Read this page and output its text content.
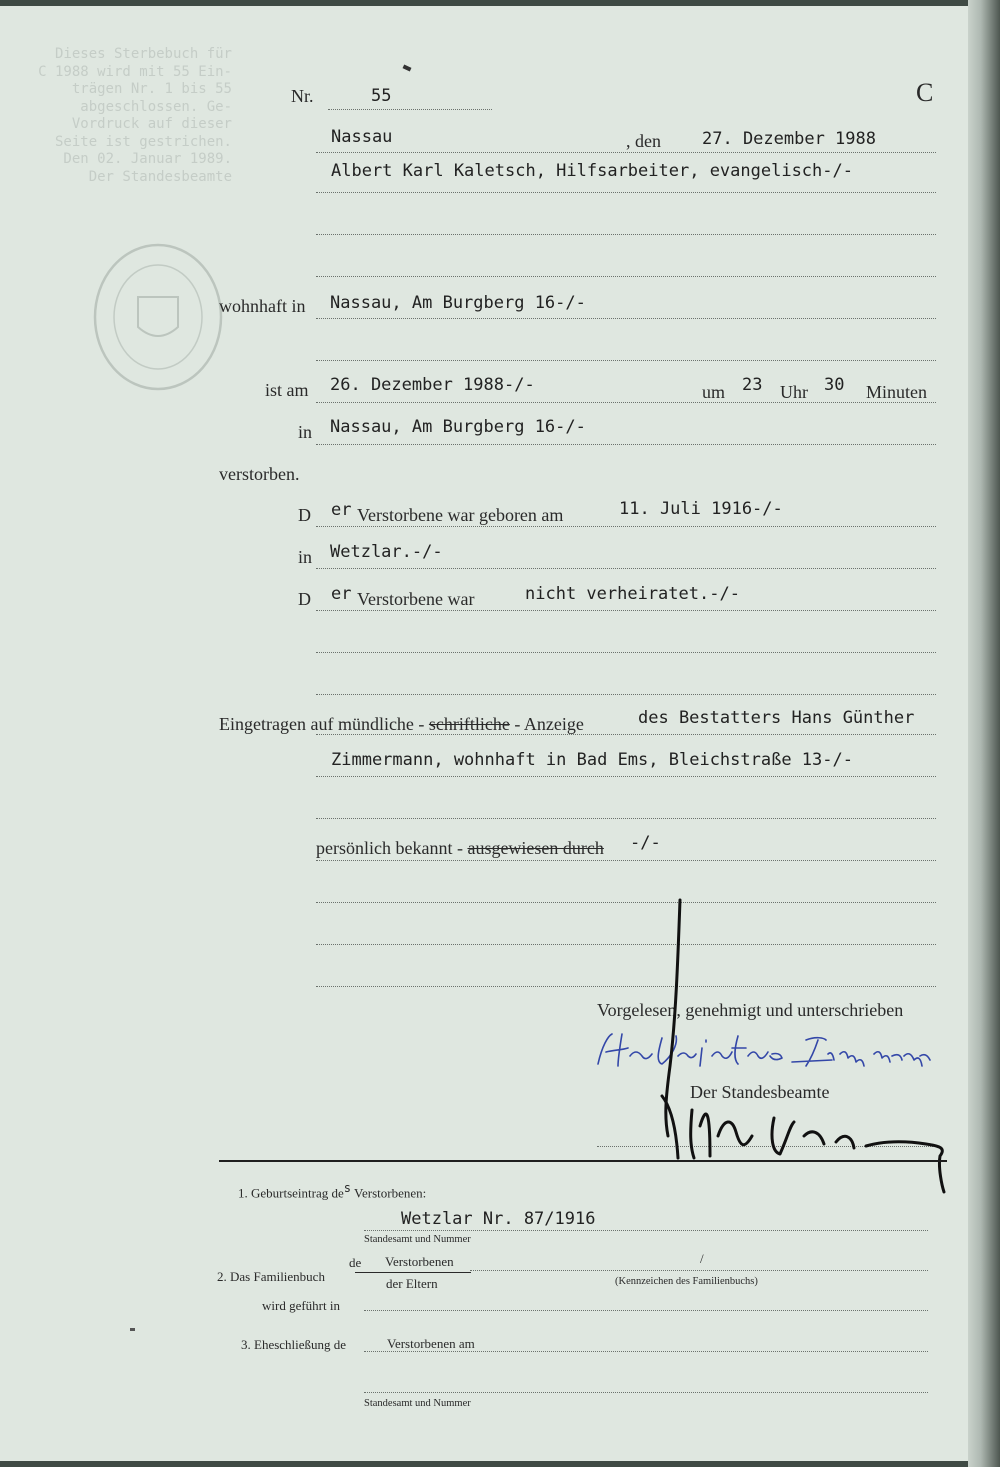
Dieses Sterbebuch für
C 1988 wird mit 55 Ein-
trägen Nr. 1 bis 55
abgeschlossen. Ge-
Vordruck auf dieser
Seite ist gestrichen.
Den 02. Januar 1989.
Der Standesbeamte
Nr.	55	C
Nassau	, den 27. Dezember 1988
Albert Karl Kaletsch, Hilfsarbeiter, evangelisch-/-
wohnhaft in Nassau, Am Burgberg 16-/-
ist am 26. Dezember 1988-/-	um 23 Uhr 30 Minuten
in Nassau, Am Burgberg 16-/-
verstorben.
D er Verstorbene war geboren am	11. Juli 1916-/-
in Wetzlar.-/-
D er Verstorbene war	nicht verheiratet.-/-
Eingetragen auf mündliche - schriftliche - Anzeige	des Bestatters Hans Günther
Zimmermann, wohnhaft in Bad Ems, Bleichstraße 13-/-
persönlich bekannt - ausgewiesen durch -/-
Vorgelesen, genehmigt und unterschrieben
Der Standesbeamte
1. Geburtseintrag $de^s$ Verstorbenen:
Wetzlar Nr. 87/1916
Standesamt und Nummer
2. Das Familienbuch
de Verstorbenen
der Eltern
/
(Kennzeichen des Familienbuchs)
wird geführt in
3. Eheschließung de	Verstorbenen am
Standesamt und Nummer
